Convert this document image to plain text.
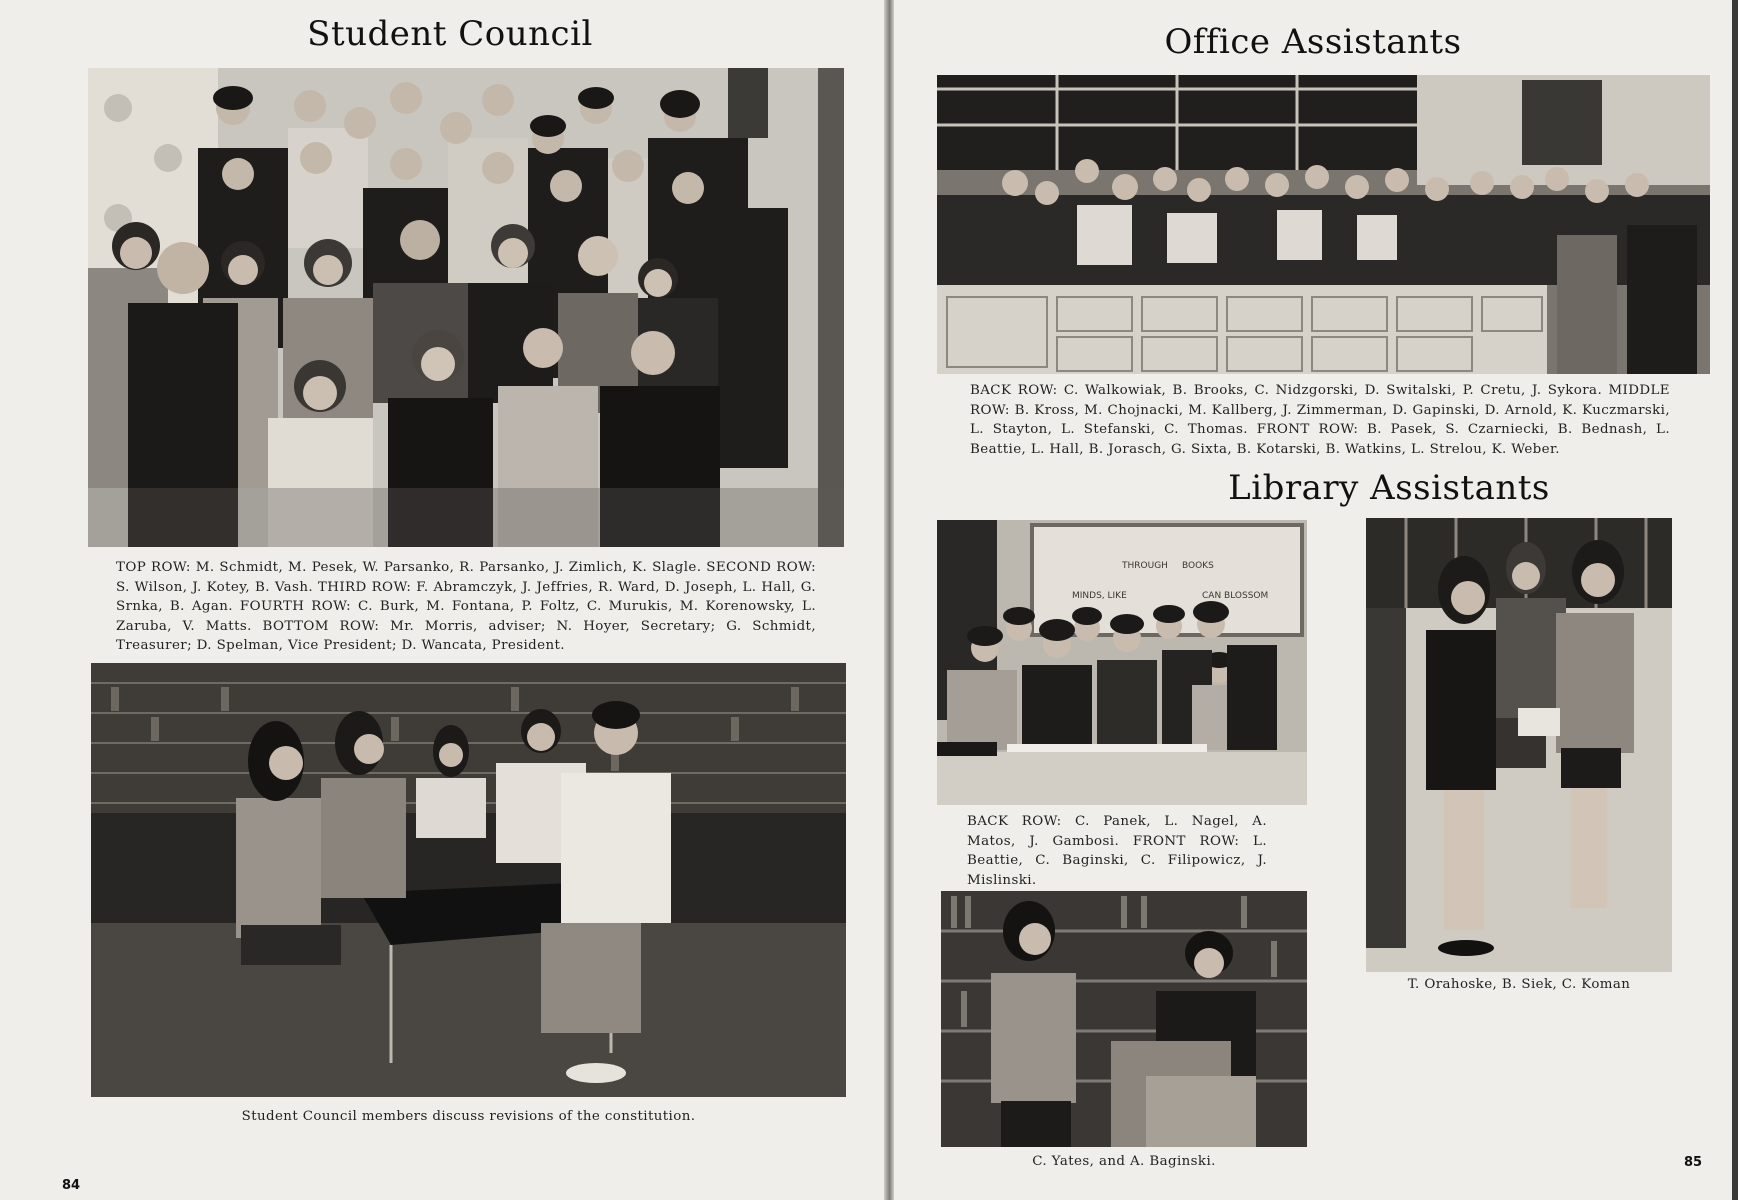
Student Council

TOP ROW: M. Schmidt, M. Pesek, W. Parsanko, R. Parsanko, J. Zimlich, K. Slagle. SECOND ROW: S. Wilson, J. Kotey, B. Vash. THIRD ROW: F. Abramczyk, J. Jeffries, R. Ward, D. Joseph, L. Hall, G. Srnka, B. Agan. FOURTH ROW: C. Burk, M. Fontana, P. Foltz, C. Murukis, M. Korenowsky, L. Zaruba, V. Matts. BOTTOM ROW: Mr. Morris, adviser; N. Hoyer, Secretary; G. Schmidt, Treasurer; D. Spelman, Vice President; D. Wancata, President.

Student Council members discuss revisions of the constitution.

84
Office Assistants

BACK ROW: C. Walkowiak, B. Brooks, C. Nidzgorski, D. Switalski, P. Cretu, J. Sykora. MIDDLE ROW: B. Kross, M. Chojnacki, M. Kallberg, J. Zimmerman, D. Gapinski, D. Arnold, K. Kuczmarski, L. Stayton, L. Stefanski, C. Thomas. FRONT ROW: B. Pasek, S. Czarniecki, B. Bednash, L. Beattie, L. Hall, B. Jorasch, G. Sixta, B. Kotarski, B. Watkins, L. Strelou, K. Weber.

Library Assistants
THROUGH BOOKS
MINDS, LIKE	CAN BLOSSOM

BACK ROW: C. Panek, L. Nagel, A. Matos, J. Gambosi. FRONT ROW: L. Beattie, C. Baginski, C. Filipowicz, J. Mislinski.

T. Orahoske, B. Siek, C. Koman

C. Yates, and A. Baginski.	85
